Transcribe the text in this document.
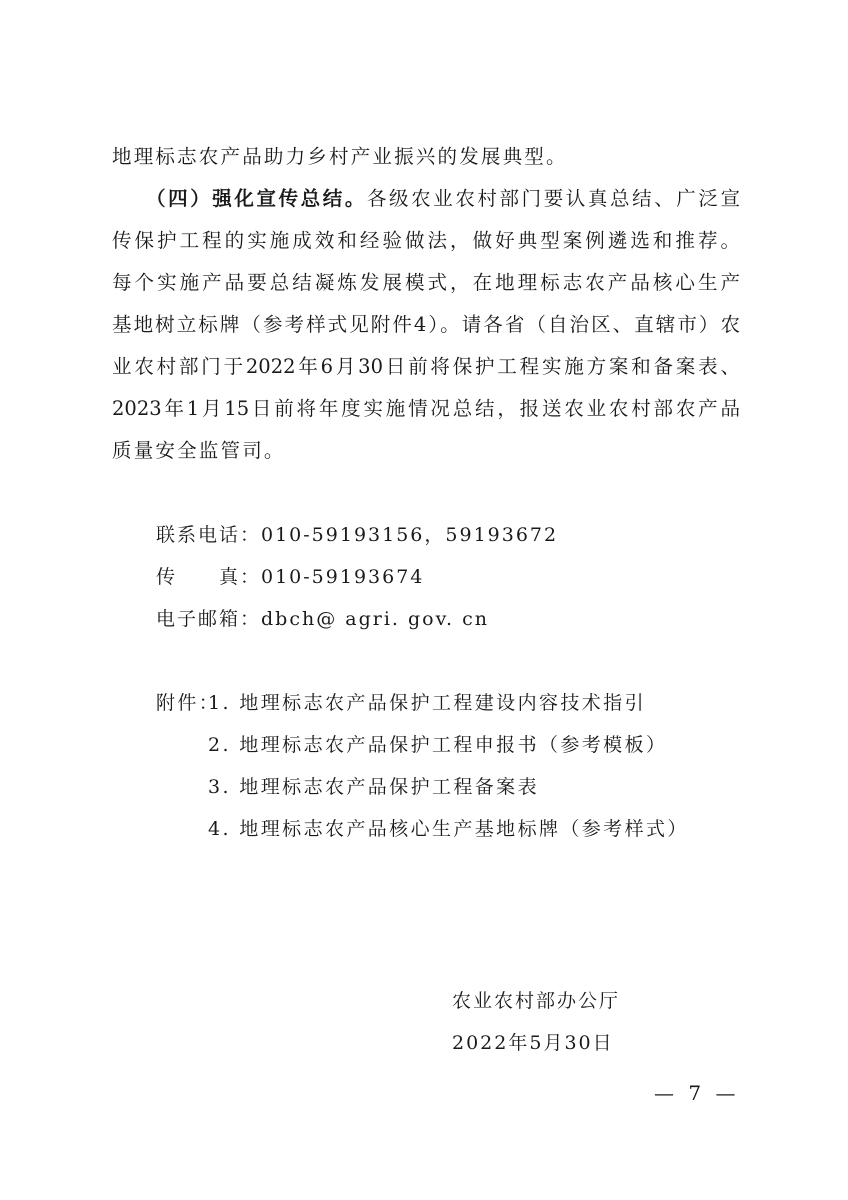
地理标志农产品助力乡村产业振兴的发展典型。
（四）强化宣传总结。各级农业农村部门要认真总结、广泛宣
传保护工程的实施成效和经验做法，做好典型案例遴选和推荐。
每个实施产品要总结凝炼发展模式，在地理标志农产品核心生产
基地树立标牌（参考样式见附件4）。请各省（自治区、直辖市）农
业农村部门于2022年6月30日前将保护工程实施方案和备案表、
2023年1月15日前将年度实施情况总结，报送农业农村部农产品
质量安全监管司。
联系电话：010-59193156，59193672
传　　真：010-59193674
电子邮箱：dbch@ agri. gov. cn
附件：
1. 地理标志农产品保护工程建设内容技术指引
2. 地理标志农产品保护工程申报书（参考模板）
3. 地理标志农产品保护工程备案表
4. 地理标志农产品核心生产基地标牌（参考样式）
农业农村部办公厅
2022年5月30日
— 7 —
